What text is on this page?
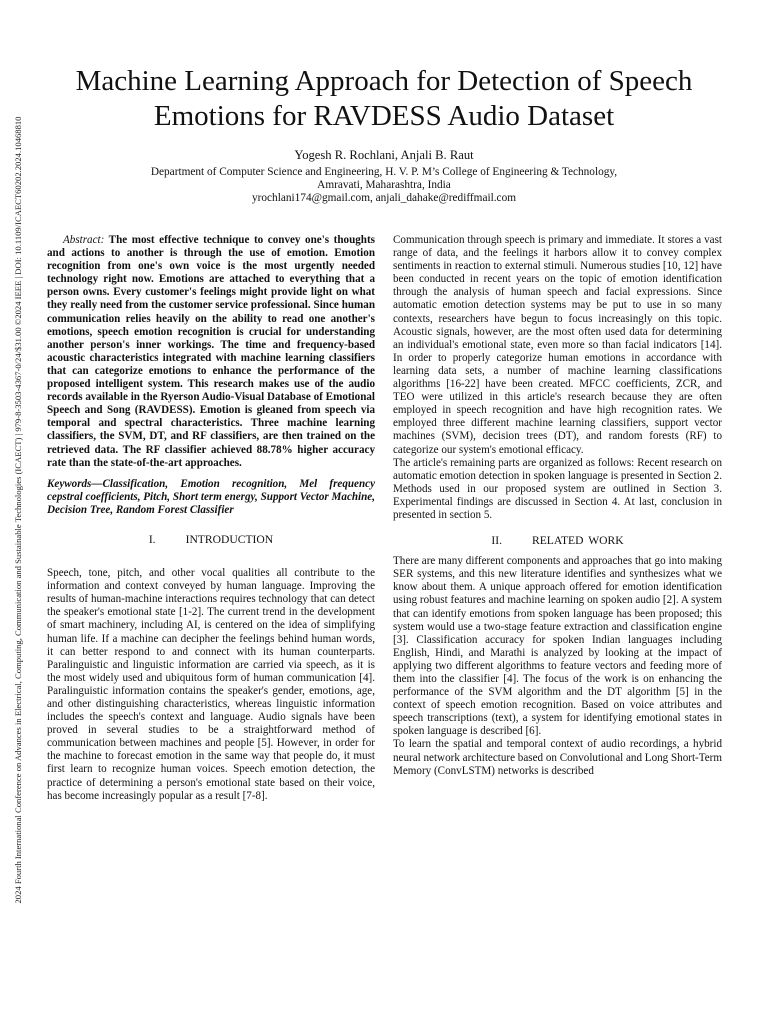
2024 Fourth International Conference on Advances in Electrical, Computing, Communication and Sustainable Technologies (ICAECT) | 979-8-3503-4367-0/24/$31.00 ©2024 IEEE | DOI: 10.1109/ICAECT60202.2024.10468810
Machine Learning Approach for Detection of Speech Emotions for RAVDESS Audio Dataset
Yogesh R. Rochlani, Anjali B. Raut
Department of Computer Science and Engineering, H. V. P. M’s College of Engineering & Technology,
Amravati, Maharashtra, India
yrochlani174@gmail.com, anjali_dahake@rediffmail.com

Abstract: The most effective technique to convey one's thoughts and actions to another is through the use of emotion. Emotion recognition from one's own voice is the most urgently needed technology right now. Emotions are attached to everything that a person owns. Every customer's feelings might provide light on what they really need from the customer service professional. Since human communication relies heavily on the ability to read one another's emotions, speech emotion recognition is crucial for understanding another person's inner workings. The time and frequency-based acoustic characteristics integrated with machine learning classifiers that can categorize emotions to enhance the performance of the proposed intelligent system. This research makes use of the audio records available in the Ryerson Audio-Visual Database of Emotional Speech and Song (RAVDESS). Emotion is gleaned from speech via temporal and spectral characteristics. Three machine learning classifiers, the SVM, DT, and RF classifiers, are then trained on the retrieved data. The RF classifier achieved 88.78% higher accuracy rate than the state-of-the-art approaches.

Keywords—Classification, Emotion recognition, Mel frequency cepstral coefficients, Pitch, Short term energy, Support Vector Machine, Decision Tree, Random Forest Classifier

I.	INTRODUCTION

Speech, tone, pitch, and other vocal qualities all contribute to the information and context conveyed by human language. Improving the results of human-machine interactions requires technology that can detect the speaker's emotional state [1-2]. The current trend in the development of smart machinery, including AI, is centered on the idea of simplifying human life. If a machine can decipher the feelings behind human words, it can better respond to and connect with its human counterparts. Paralinguistic and linguistic information are carried via speech, as it is the most widely used and ubiquitous form of human communication [4]. Paralinguistic information contains the speaker's gender, emotions, age, and other distinguishing characteristics, whereas linguistic information includes the speech's context and language. Audio signals have been proved in several studies to be a straightforward method of communication between machines and people [5]. However, in order for the machine to forecast emotion in the same way that people do, it must first learn to recognize human voices. Speech emotion detection, the practice of determining a person's emotional state based on their voice, has become increasingly popular as a result [7-8].

Communication through speech is primary and immediate. It stores a vast range of data, and the feelings it harbors allow it to convey complex sentiments in reaction to external stimuli. Numerous studies [10, 12] have been conducted in recent years on the topic of emotion identification through the analysis of human speech and facial expressions. Since automatic emotion detection systems may be put to use in so many contexts, researchers have begun to focus increasingly on this topic. Acoustic signals, however, are the most often used data for determining an individual's emotional state, even more so than facial indicators [14]. In order to properly categorize human emotions in accordance with learning data sets, a number of machine learning classifications algorithms [16-22] have been created. MFCC coefficients, ZCR, and TEO were utilized in this article's research because they are often employed in speech recognition and have high recognition rates. We employed three different machine learning classifiers, support vector machines (SVM), decision trees (DT), and random forests (RF) to categorize our system's emotional efficacy.

The article's remaining parts are organized as follows: Recent research on automatic emotion detection in spoken language is presented in Section 2. Methods used in our proposed system are outlined in Section 3. Experimental findings are discussed in Section 4. At last, conclusion in presented in section 5.

II.	RELATED WORK

There are many different components and approaches that go into making SER systems, and this new literature identifies and synthesizes what we know about them. A unique approach offered for emotion identification using robust features and machine learning on spoken audio [2]. A system that can identify emotions from spoken language has been proposed; this system would use a two-stage feature extraction and classification engine [3]. Classification accuracy for spoken Indian languages including English, Hindi, and Marathi is analyzed by looking at the impact of applying two different algorithms to feature vectors and feeding more of them into the classifier [4]. The focus of the work is on enhancing the performance of the SVM algorithm and the DT algorithm [5] in the context of speech emotion recognition. Based on voice attributes and speech transcriptions (text), a system for identifying emotional states in spoken language is described [6].

To learn the spatial and temporal context of audio recordings, a hybrid neural network architecture based on Convolutional and Long Short-Term Memory (ConvLSTM) networks is described
